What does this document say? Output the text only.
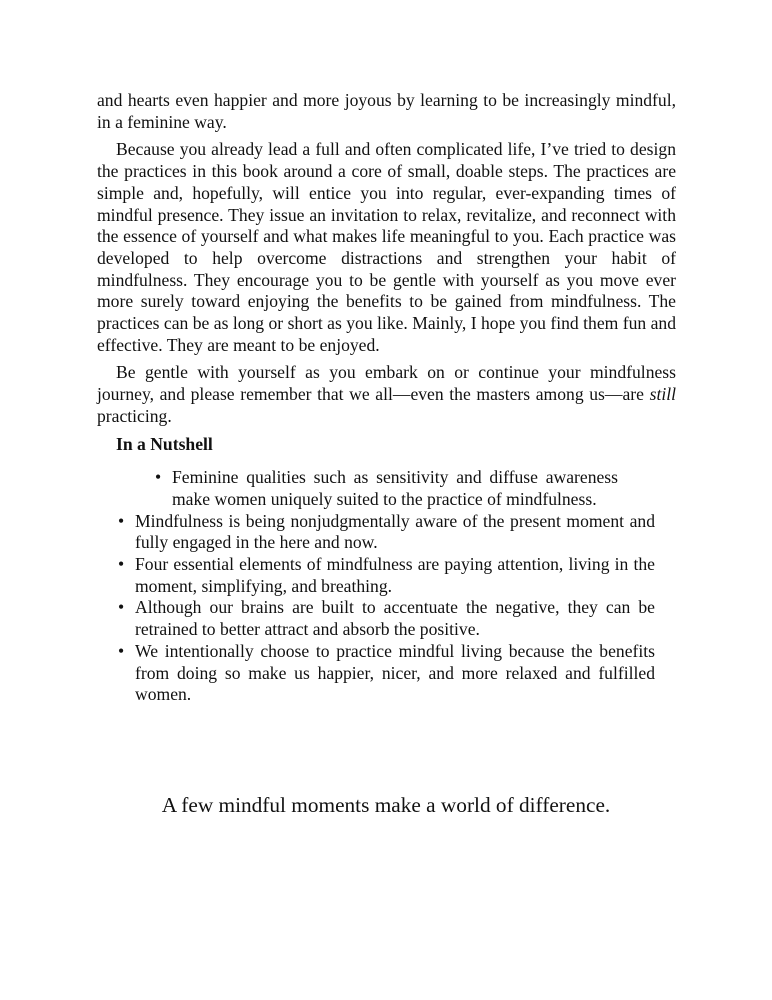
and hearts even happier and more joyous by learning to be increasingly mindful, in a feminine way.

Because you already lead a full and often complicated life, I’ve tried to design the practices in this book around a core of small, doable steps. The practices are simple and, hopefully, will entice you into regular, ever-expanding times of mindful presence. They issue an invitation to relax, revitalize, and reconnect with the essence of yourself and what makes life meaningful to you. Each practice was developed to help overcome distractions and strengthen your habit of mindfulness. They encourage you to be gentle with yourself as you move ever more surely toward enjoying the benefits to be gained from mindfulness. The practices can be as long or short as you like. Mainly, I hope you find them fun and effective. They are meant to be enjoyed.

Be gentle with yourself as you embark on or continue your mindfulness journey, and please remember that we all—even the masters among us—are still practicing.

In a Nutshell

• Feminine qualities such as sensitivity and diffuse awareness make women uniquely suited to the practice of mindfulness.
• Mindfulness is being nonjudgmentally aware of the present moment and fully engaged in the here and now.
• Four essential elements of mindfulness are paying attention, living in the moment, simplifying, and breathing.
• Although our brains are built to accentuate the negative, they can be retrained to better attract and absorb the positive.
• We intentionally choose to practice mindful living because the benefits from doing so make us happier, nicer, and more relaxed and fulfilled women.
A few mindful moments make a world of difference.
